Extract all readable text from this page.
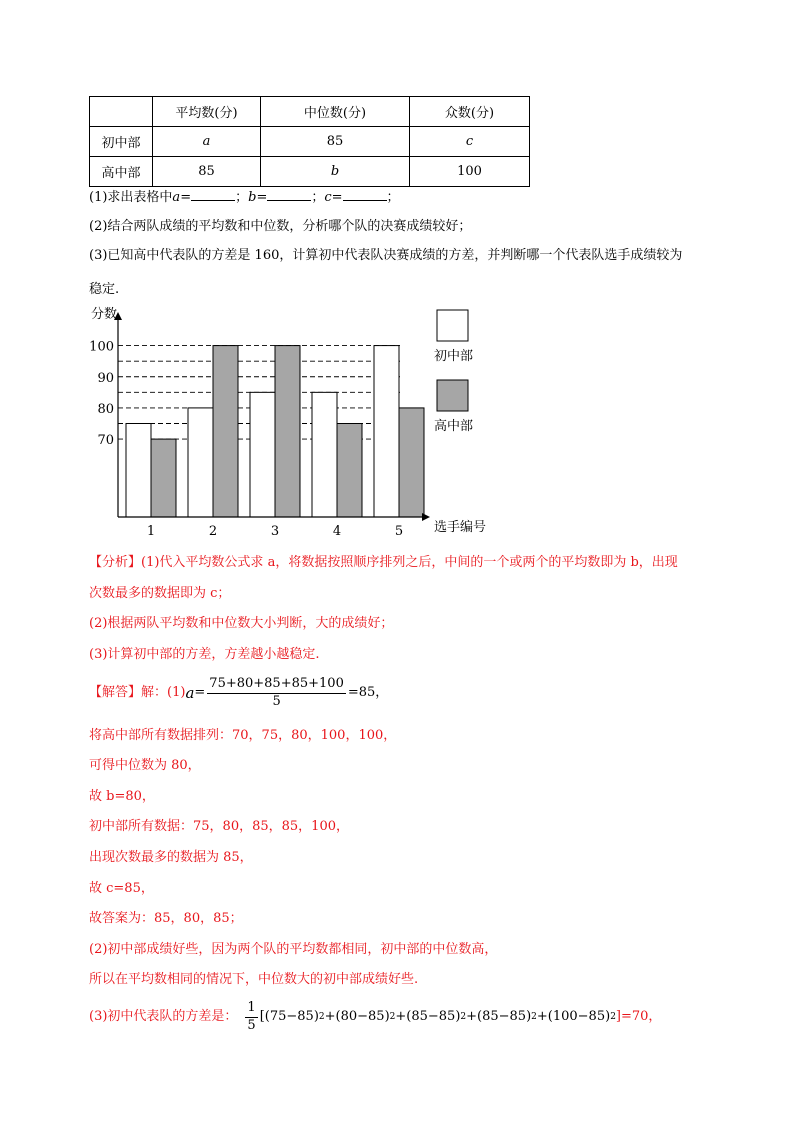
	平均数(分)	中位数(分)	众数(分)
初中部	a	85	c
高中部	85	b	100
(1)求出表格中a=	；b=	；c=	；
(2)结合两队成绩的平均数和中位数，分析哪个队的决赛成绩较好；
(3)已知高中代表队的方差是 160，计算初中代表队决赛成绩的方差，并判断哪一个代表队选手成绩较为
稳定.
1	2	3	4	5
70
80
90
100
分数
选手编号
初中部
高中部
【分析】(1)代入平均数公式求 a，将数据按照顺序排列之后，中间的一个或两个的平均数即为 b，出现
次数最多的数据即为 c；
(2)根据两队平均数和中位数大小判断，大的成绩好；
(3)计算初中部的方差，方差越小越稳定.
【解答】 解：(1) $a = \frac{75+80+85+85+100}{5} =85$，
将高中部所有数据排列：70，75，80，100，100，
可得中位数为 80，
故 b=80，
初中部所有数据：75，80，85，85，100，
出现次数最多的数据为 85，
故 c=85，
故答案为：85，80，85；
(2)初中部成绩好些，因为两个队的平均数都相同，初中部的中位数高，
所以在平均数相同的情况下，中位数大的初中部成绩好些.
(3)初中代表队的方差是： $\frac{1}{5} [(75-85)$ 2 +(80−85) 2 +(85−85) 2 +(85−85) 2 +(100−85) 2 ]=70，
